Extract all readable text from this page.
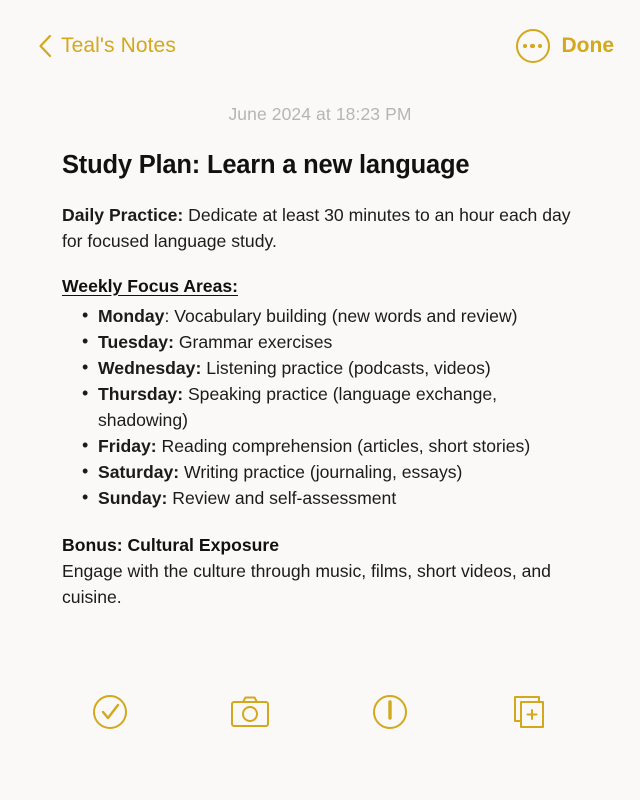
Teal's Notes	Done
June 2024 at 18:23 PM
Study Plan: Learn a new language

Daily Practice: Dedicate at least 30 minutes to an hour each day for focused language study.

Weekly Focus Areas:
• Monday: Vocabulary building (new words and review)
• Tuesday: Grammar exercises
• Wednesday: Listening practice (podcasts, videos)
• Thursday: Speaking practice (language exchange, shadowing)
• Friday: Reading comprehension (articles, short stories)
• Saturday: Writing practice (journaling, essays)
• Sunday: Review and self-assessment
Bonus: Cultural Exposure
Engage with the culture through music, films, short videos, and cuisine.
